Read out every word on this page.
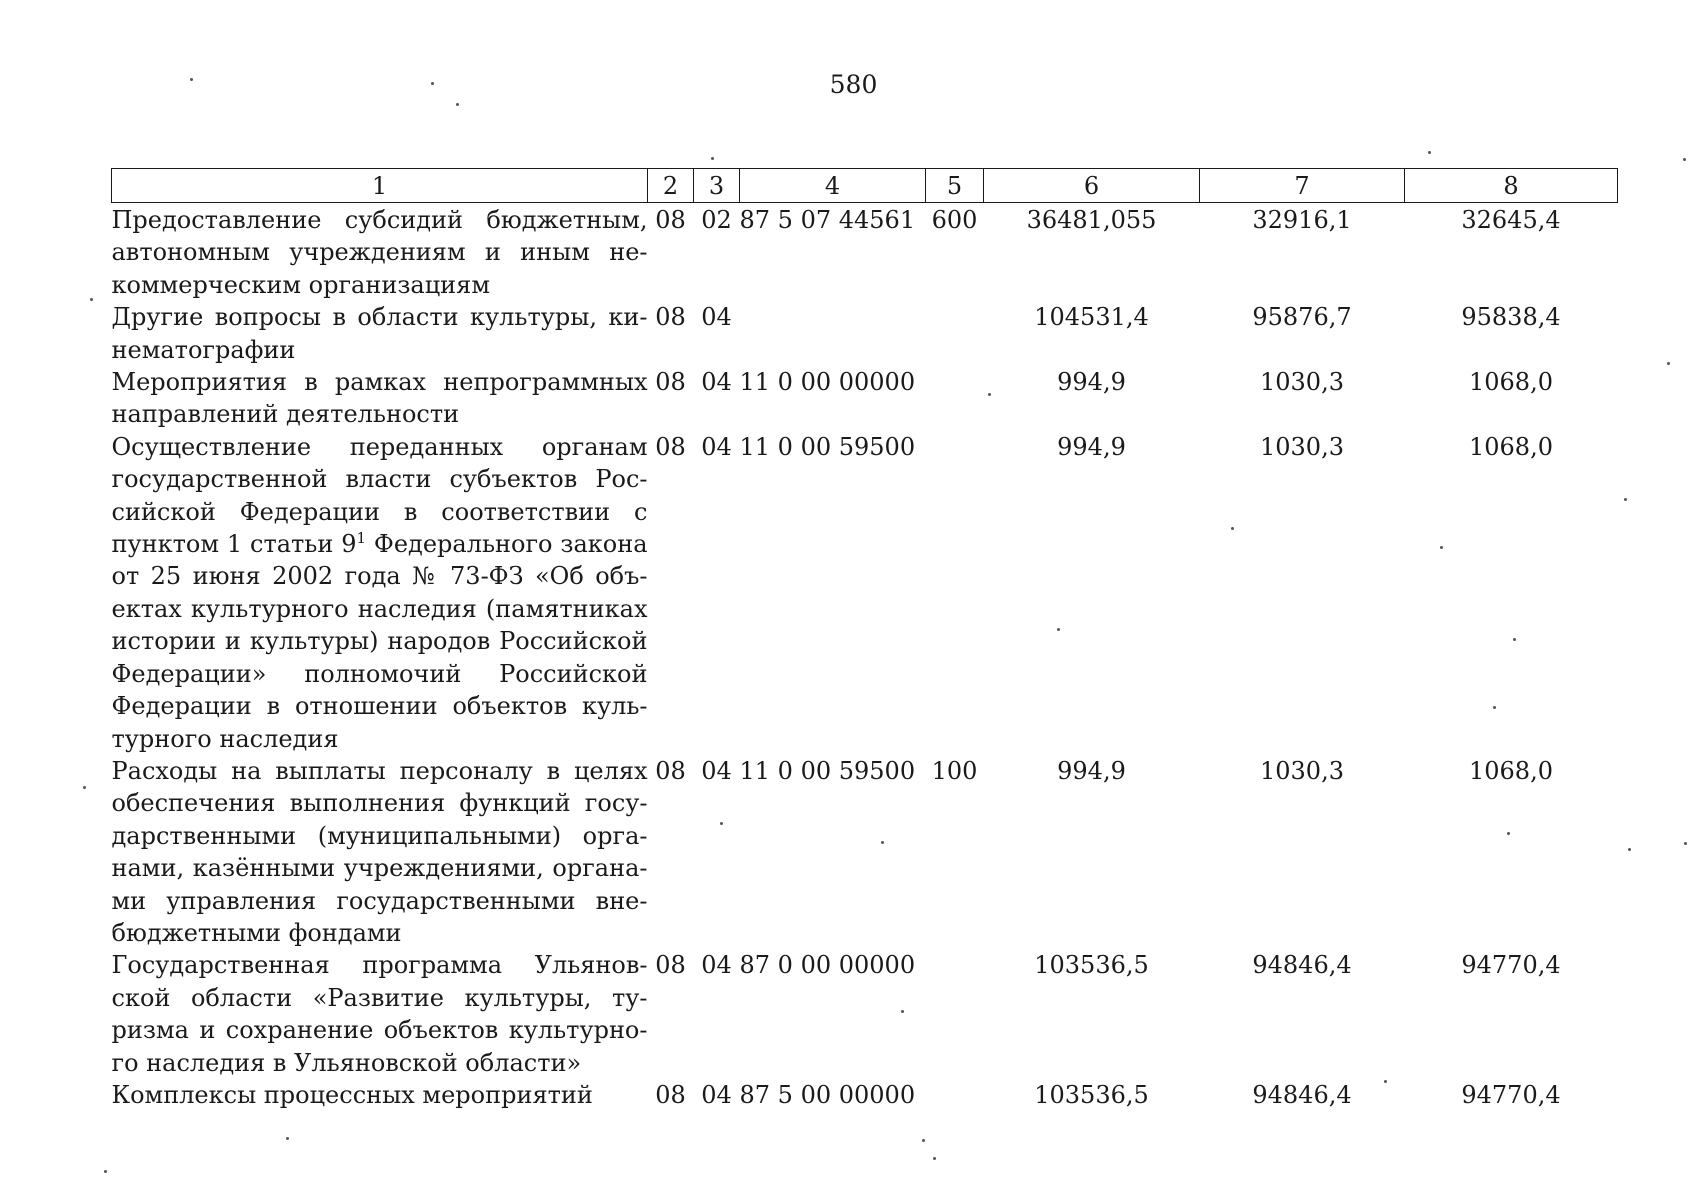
580
1	2	3	4	5	6	7	8
Предоставление субсидий бюджетным, автономным учреждениям и иным некоммерческим организациям	08	02	87 5 07 44561	600	36481,055	32916,1	32645,4
Другие вопросы в области культуры, кинематографии	08	04			104531,4	95876,7	95838,4
Мероприятия в рамках непрограммных направлений деятельности	08	04	11 0 00 00000		994,9	1030,3	1068,0
Осуществление переданных органам государственной власти субъектов Российской Федерации в соответствии с пунктом 1 статьи $9^1$ Федерального закона от 25 июня 2002 года № 73-ФЗ «Об объектах культурного наследия (памятниках истории и культуры) народов Российской Федерации» полномочий Российской Федерации в отношении объектов культурного наследия	08	04	11 0 00 59500		994,9	1030,3	1068,0
Расходы на выплаты персоналу в целях обеспечения выполнения функций государственными (муниципальными) органами, казёнными учреждениями, органами управления государственными внебюджетными фондами	08	04	11 0 00 59500	100	994,9	1030,3	1068,0
Государственная программа Ульяновской области «Развитие культуры, туризма и сохранение объектов культурного наследия в Ульяновской области»	08	04	87 0 00 00000		103536,5	94846,4	94770,4
Комплексы процессных мероприятий	08	04	87 5 00 00000		103536,5	94846,4	94770,4
